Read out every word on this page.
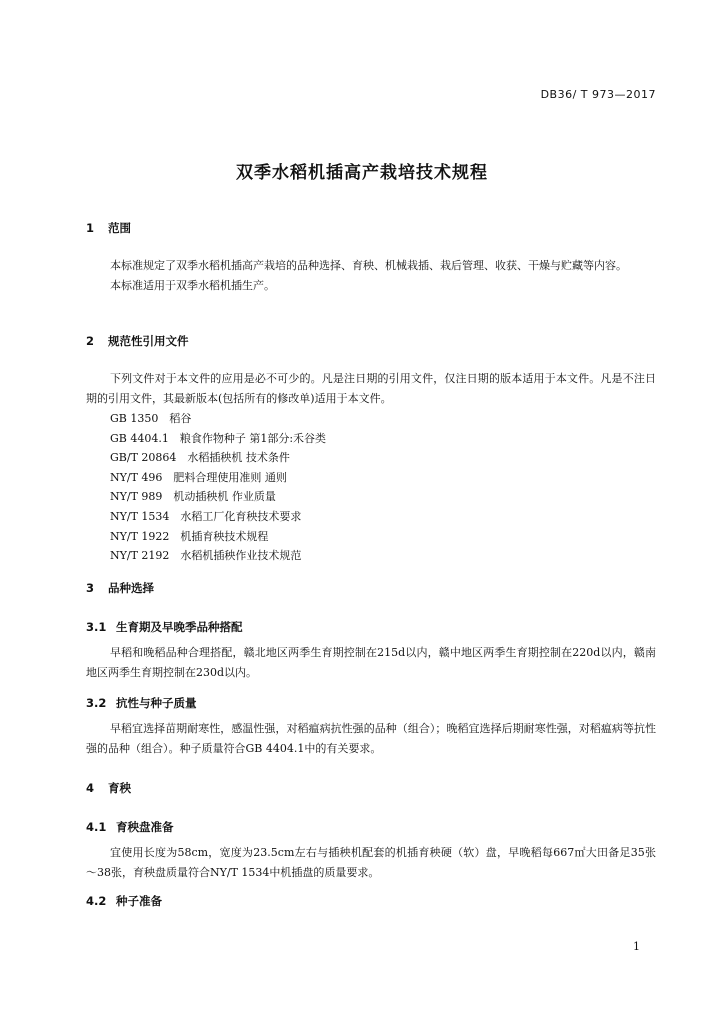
DB36/ T 973—2017
双季水稻机插高产栽培技术规程
1 范围

本标准规定了双季水稻机插高产栽培的品种选择、育秧、机械栽插、栽后管理、收获、干燥与贮藏等内容。

本标准适用于双季水稻机插生产。

2 规范性引用文件

下列文件对于本文件的应用是必不可少的。凡是注日期的引用文件，仅注日期的版本适用于本文件。凡是不注日期的引用文件，其最新版本(包括所有的修改单)适用于本文件。

GB 1350　稻谷

GB 4404.1　粮食作物种子 第1部分:禾谷类

GB/T 20864　水稻插秧机 技术条件

NY/T 496　肥料合理使用准则 通则

NY/T 989　机动插秧机 作业质量

NY/T 1534　水稻工厂化育秧技术要求

NY/T 1922　机插育秧技术规程

NY/T 2192　水稻机插秧作业技术规范

3 品种选择
3.1 生育期及早晚季品种搭配

早稻和晚稻品种合理搭配，赣北地区两季生育期控制在215d以内，赣中地区两季生育期控制在220d以内，赣南地区两季生育期控制在230d以内。

3.2 抗性与种子质量

早稻宜选择苗期耐寒性，感温性强，对稻瘟病抗性强的品种（组合）；晚稻宜选择后期耐寒性强，对稻瘟病等抗性强的品种（组合）。种子质量符合GB 4404.1中的有关要求。

4 育秧
4.1 育秧盘准备

宜使用长度为58cm，宽度为23.5cm左右与插秧机配套的机插育秧硬（软）盘，早晚稻每667㎡大田备足35张～38张，育秧盘质量符合NY/T 1534中机插盘的质量要求。

4.2 种子准备
1
